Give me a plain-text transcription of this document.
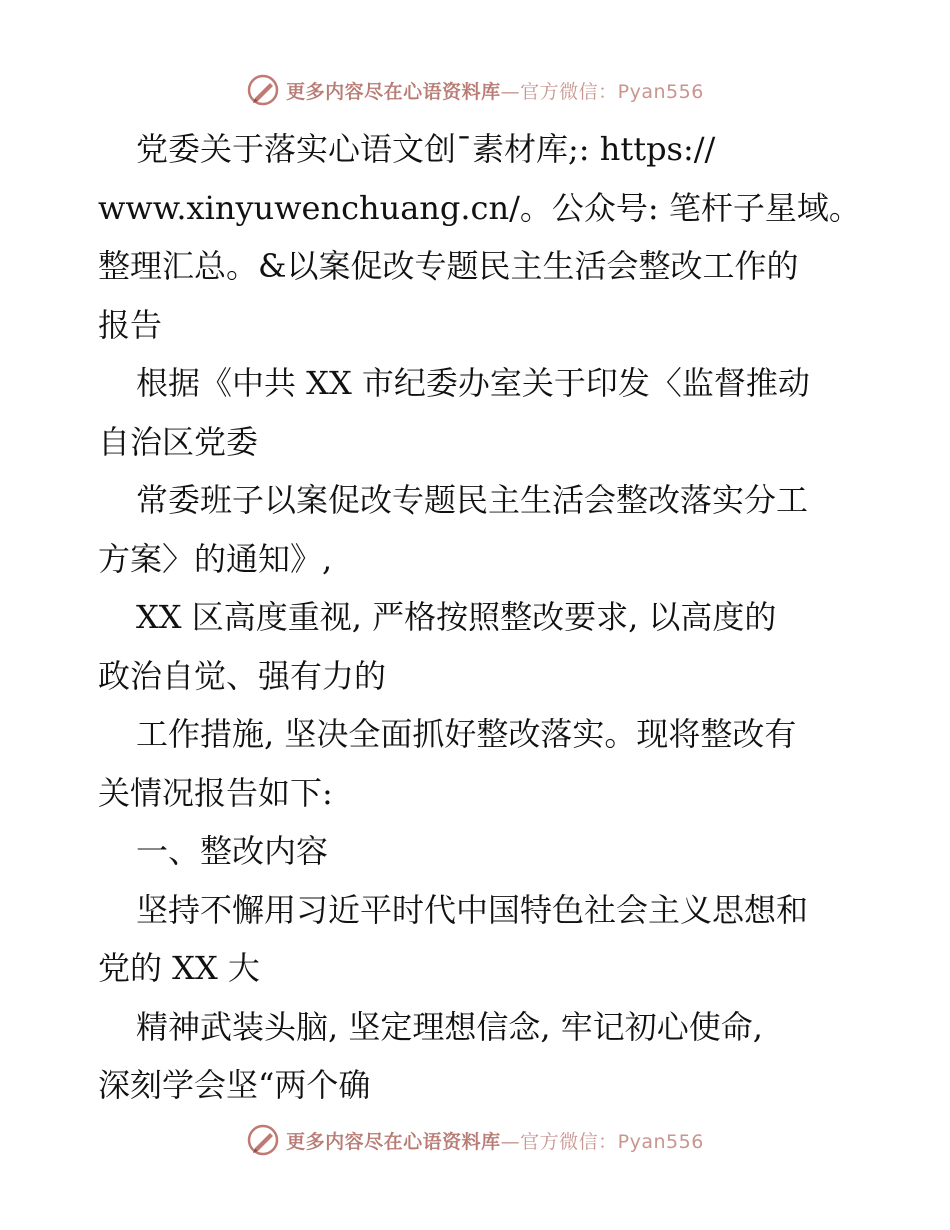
更多内容尽在心语资料库—官方微信：Pyan556
党委关于落实心语文创¯素材库;: https://
www.xinyuwenchuang.cn/。公众号: 笔杆子星域。
整理汇总。&以案促改专题民主生活会整改工作的
报告
根据《中共 XX 市纪委办室关于印发〈监督推动
自治区党委
常委班子以案促改专题民主生活会整改落实分工
方案〉的通知》,
XX 区高度重视, 严格按照整改要求, 以高度的
政治自觉、强有力的
工作措施, 坚决全面抓好整改落实。现将整改有
关情况报告如下:
一、整改内容
坚持不懈用习近平时代中国特色社会主义思想和
党的 XX 大
精神武装头脑, 坚定理想信念, 牢记初心使命,
深刻学会坚“两个确
更多内容尽在心语资料库—官方微信：Pyan556
